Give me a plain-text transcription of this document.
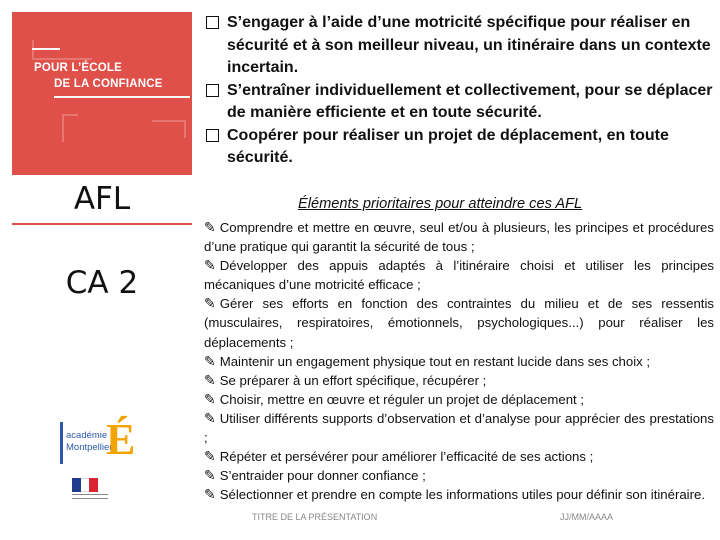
POUR L’ÉCOLE
DE LA CONFIANCE
AFL
CA 2
académie
Montpellier
É
S’engager à l’aide d’une motricité spécifique pour réaliser en sécurité et à son meilleur niveau, un itinéraire dans un contexte incertain.
S’entraîner individuellement et collectivement, pour se déplacer de manière efficiente et en toute sécurité.
Coopérer pour réaliser un projet de déplacement, en toute sécurité.
Éléments prioritaires pour atteindre ces AFL
✎ Comprendre et mettre en œuvre, seul et/ou à plusieurs, les principes et procédures d’une pratique qui garantit la sécurité de tous ;
✎ Développer des appuis adaptés à l’itinéraire choisi et utiliser les principes mécaniques d’une motricité efficace ;
✎ Gérer ses efforts en fonction des contraintes du milieu et de ses ressentis (musculaires, respiratoires, émotionnels, psychologiques...) pour réaliser les déplacements ;
✎ Maintenir un engagement physique tout en restant lucide dans ses choix ;
✎ Se préparer à un effort spécifique, récupérer ;
✎ Choisir, mettre en œuvre et réguler un projet de déplacement ;
✎ Utiliser différents supports d’observation et d’analyse pour apprécier des prestations ;
✎ Répéter et persévérer pour améliorer l’efficacité de ses actions ;
✎ S’entraider pour donner confiance ;
✎ Sélectionner et prendre en compte les informations utiles pour définir son itinéraire.
TITRE DE LA PRÉSENTATION	JJ/MM/AAAA
